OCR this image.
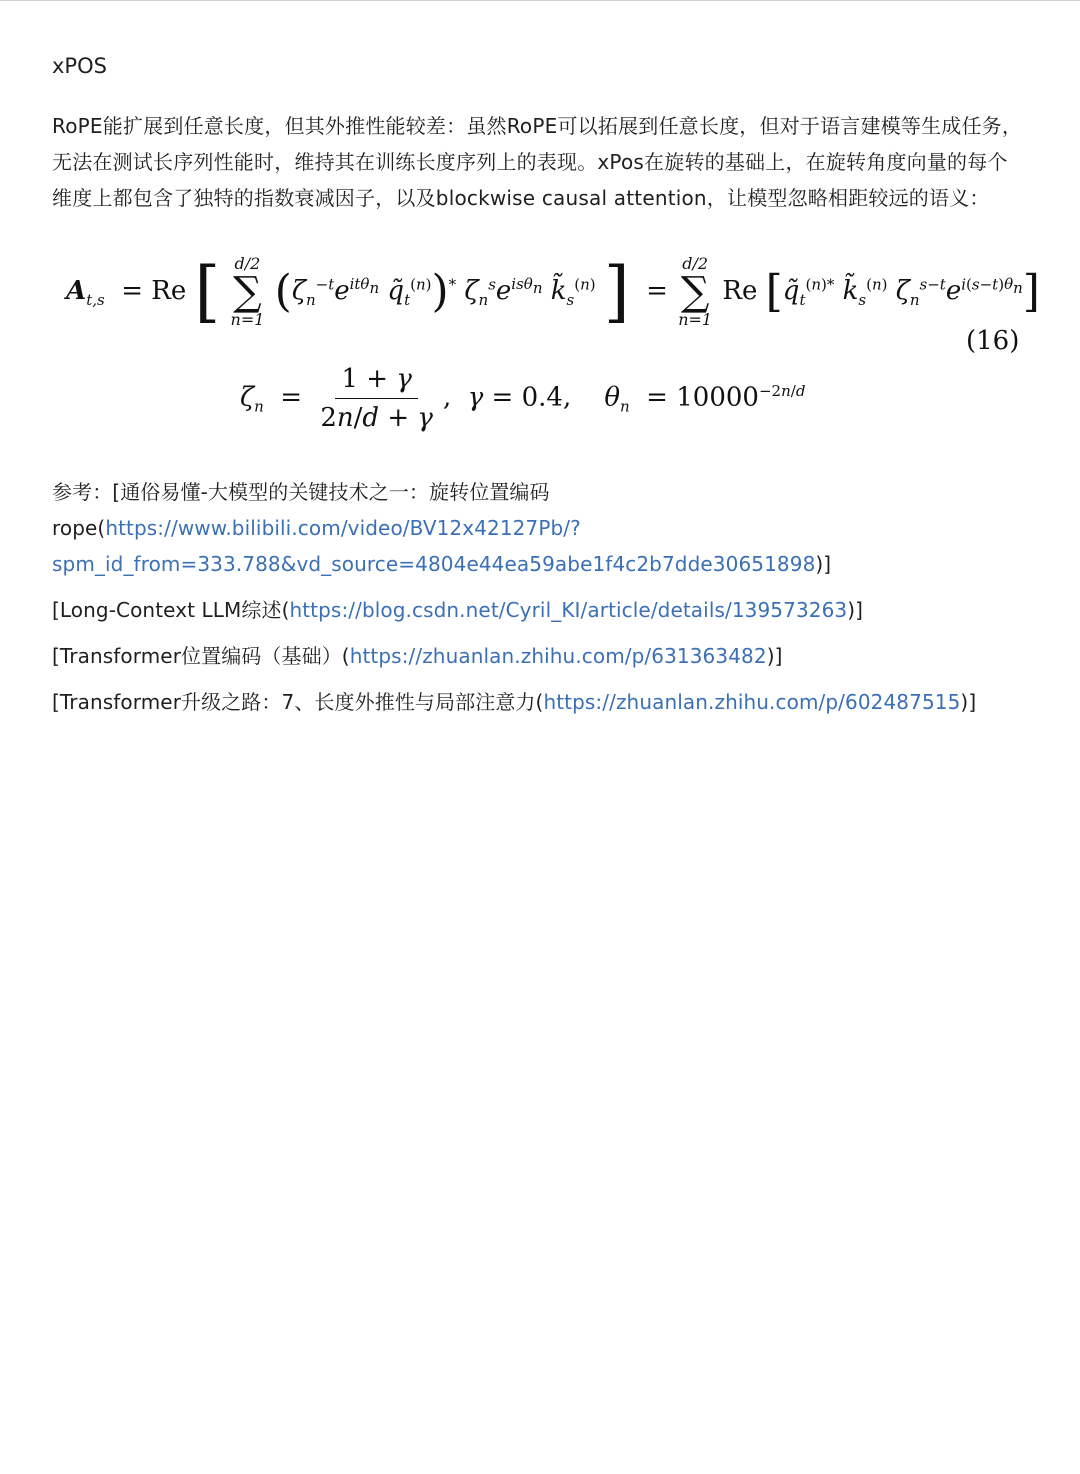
xPOS

RoPE能扩展到任意长度，但其外推性能较差：虽然RoPE可以拓展到任意长度，但对于语言建模等生成任务，无法在测试长序列性能时，维持其在训练长度序列上的表现。xPos在旋转的基础上，在旋转角度向量的每个维度上都包含了独特的指数衰减因子，以及blockwise causal attention，让模型忽略相距较远的语义：

$A_{t,s} = Re$ [ d/2
∑
n=1
($\zeta_n^{-t}e^{it\theta_n}$ $q̃_t^{(n)})^*$ $\zeta_n^se^{is\theta_n}$ $k̃_s^{(n)}$ ]  =
d/2
∑
n=1
Re [$q̃_t^{(n)*}$ $k̃_s^{(n)}$ $\zeta_n^{s-t}e^{i(s-t)\theta_n}$]
(16)
$\zeta_n = \frac{1 + \gamma}{2n/d + \gamma}$ ,  γ = 0.4,    $\theta_n = 10000^{-2n/d}$

参考：[通俗易懂-大模型的关键技术之一：旋转位置编码 rope(https://www.bilibili.com/video/BV12x42127Pb/?spm_id_from=333.788&vd_source=4804e44ea59abe1f4c2b7dde30651898)]

[Long-Context LLM综述(https://blog.csdn.net/Cyril_KI/article/details/139573263)]

[Transformer位置编码（基础）(https://zhuanlan.zhihu.com/p/631363482)]

[Transformer升级之路：7、长度外推性与局部注意力(https://zhuanlan.zhihu.com/p/602487515)]
